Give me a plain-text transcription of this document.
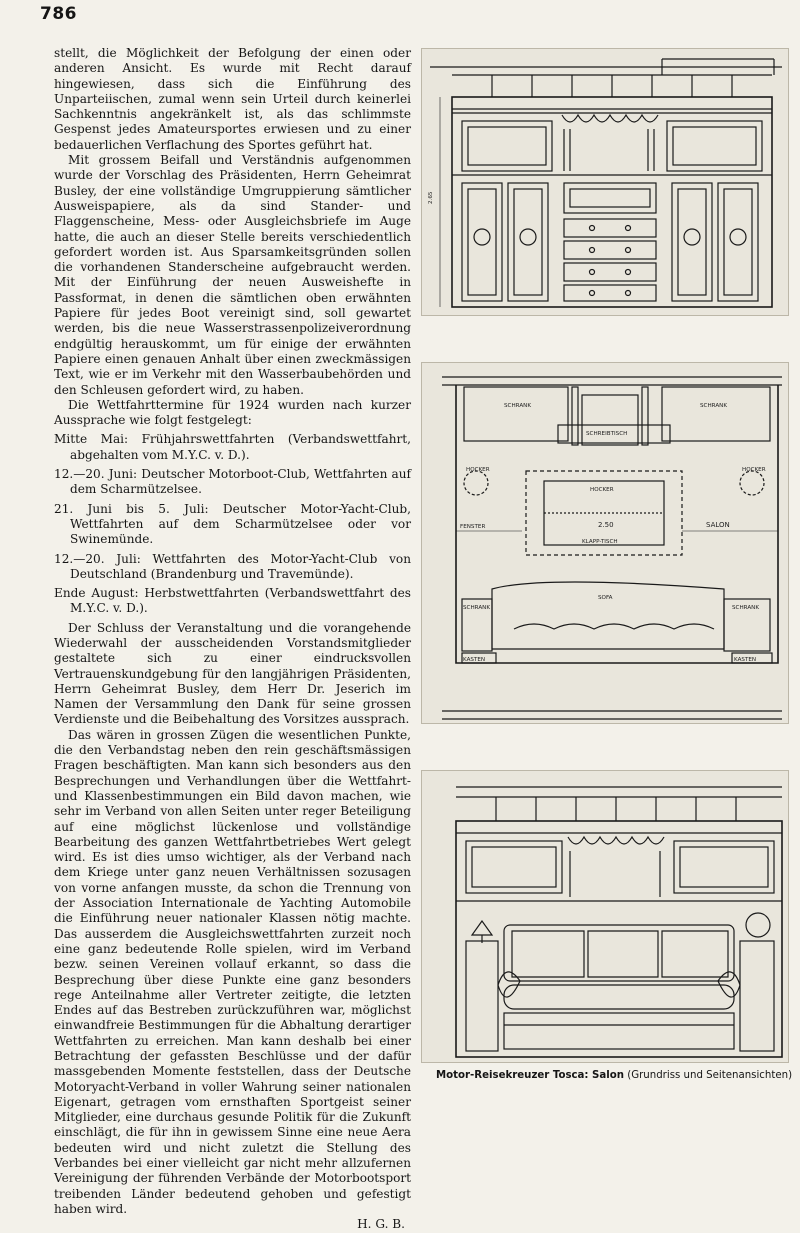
786

stellt, die Möglichkeit der Befolgung der einen oder anderen Ansicht. Es wurde mit Recht darauf hingewiesen, dass sich die Einführung des Unparteiischen, zumal wenn sein Urteil durch keinerlei Sachkenntnis angekränkelt ist, als das schlimmste Gespenst jedes Amateursportes erwiesen und zu einer bedauerlichen Verflachung des Sportes geführt hat.

Mit grossem Beifall und Verständnis aufgenommen wurde der Vorschlag des Präsidenten, Herrn Geheimrat Busley, der eine vollständige Umgruppierung sämtlicher Ausweispapiere, als da sind Stander- und Flaggenscheine, Mess- oder Ausgleichsbriefe im Auge hatte, die auch an dieser Stelle bereits verschiedentlich gefordert worden ist. Aus Sparsamkeitsgründen sollen die vorhandenen Standerscheine aufgebraucht werden. Mit der Einführung der neuen Ausweishefte in Passformat, in denen die sämtlichen oben erwähnten Papiere für jedes Boot vereinigt sind, soll gewartet werden, bis die neue Wasserstrassenpolizeiverordnung endgültig herauskommt, um für einige der erwähnten Papiere einen genauen Anhalt über einen zweckmässigen Text, wie er im Verkehr mit den Wasserbaubehörden und den Schleusen gefordert wird, zu haben.

Die Wettfahrttermine für 1924 wurden nach kurzer Aussprache wie folgt festgelegt:

Mitte Mai: Frühjahrswettfahrten (Verbandswettfahrt, abgehalten vom M.Y.C. v. D.).
12.—20. Juni: Deutscher Motorboot-Club, Wettfahrten auf dem Scharmützelsee.
21. Juni bis 5. Juli: Deutscher Motor-Yacht-Club, Wettfahrten auf dem Scharmützelsee oder vor Swinemünde.
12.—20. Juli: Wettfahrten des Motor-Yacht-Club von Deutschland (Brandenburg und Travemünde).
Ende August: Herbstwettfahrten (Verbandswettfahrt des M.Y.C. v. D.).

Der Schluss der Veranstaltung und die vorangehende Wiederwahl der ausscheidenden Vorstandsmitglieder gestaltete sich zu einer eindrucksvollen Vertrauenskundgebung für den langjährigen Präsidenten, Herrn Geheimrat Busley, dem Herr Dr. Jeserich im Namen der Versammlung den Dank für seine grossen Verdienste und die Beibehaltung des Vorsitzes aussprach.

Das wären in grossen Zügen die wesentlichen Punkte, die den Verbandstag neben den rein geschäftsmässigen Fragen beschäftigten. Man kann sich besonders aus den Besprechungen und Verhandlungen über die Wettfahrt- und Klassenbestimmungen ein Bild davon machen, wie sehr im Verband von allen Seiten unter reger Beteiligung auf eine möglichst lückenlose und vollständige Bearbeitung des ganzen Wettfahrtbetriebes Wert gelegt wird. Es ist dies umso wichtiger, als der Verband nach dem Kriege unter ganz neuen Verhältnissen sozusagen von vorne anfangen musste, da schon die Trennung von der Association Internationale de Yachting Automobile die Einführung neuer nationaler Klassen nötig machte. Das ausserdem die Ausgleichswettfahrten zurzeit noch eine ganz bedeutende Rolle spielen, wird im Verband bezw. seinen Vereinen vollauf erkannt, so dass die Besprechung über diese Punkte eine ganz besonders rege Anteilnahme aller Vertreter zeitigte, die letzten Endes auf das Bestreben zurückzuführen war, möglichst einwandfreie Bestimmungen für die Abhaltung derartiger Wettfahrten zu erreichen. Man kann deshalb bei einer Betrachtung der gefassten Beschlüsse und der dafür massgebenden Momente feststellen, dass der Deutsche Motoryacht-Verband in voller Wahrung seiner nationalen Eigenart, getragen vom ernsthaften Sportgeist seiner Mitglieder, eine durchaus gesunde Politik für die Zukunft einschlägt, die für ihn in gewissem Sinne eine neue Aera bedeuten wird und nicht zuletzt die Stellung des Verbandes bei einer vielleicht gar nicht mehr allzufernen Vereinigung der führenden Verbände der Motorbootsport treibenden Länder bedeutend gehoben und gefestigt haben wird.

H. G. B.
2.65
SCHRANK
SCHREIBTISCH
SCHRANK
HOCKER	HOCKER
HOCKER
2.50
KLAPP-TISCH
SALON
SOFA
SCHRANK	SCHRANK
KASTEN	KASTEN
FENSTER
Motor-Reisekreuzer Tosca: Salon (Grundriss und Seitenansichten)
